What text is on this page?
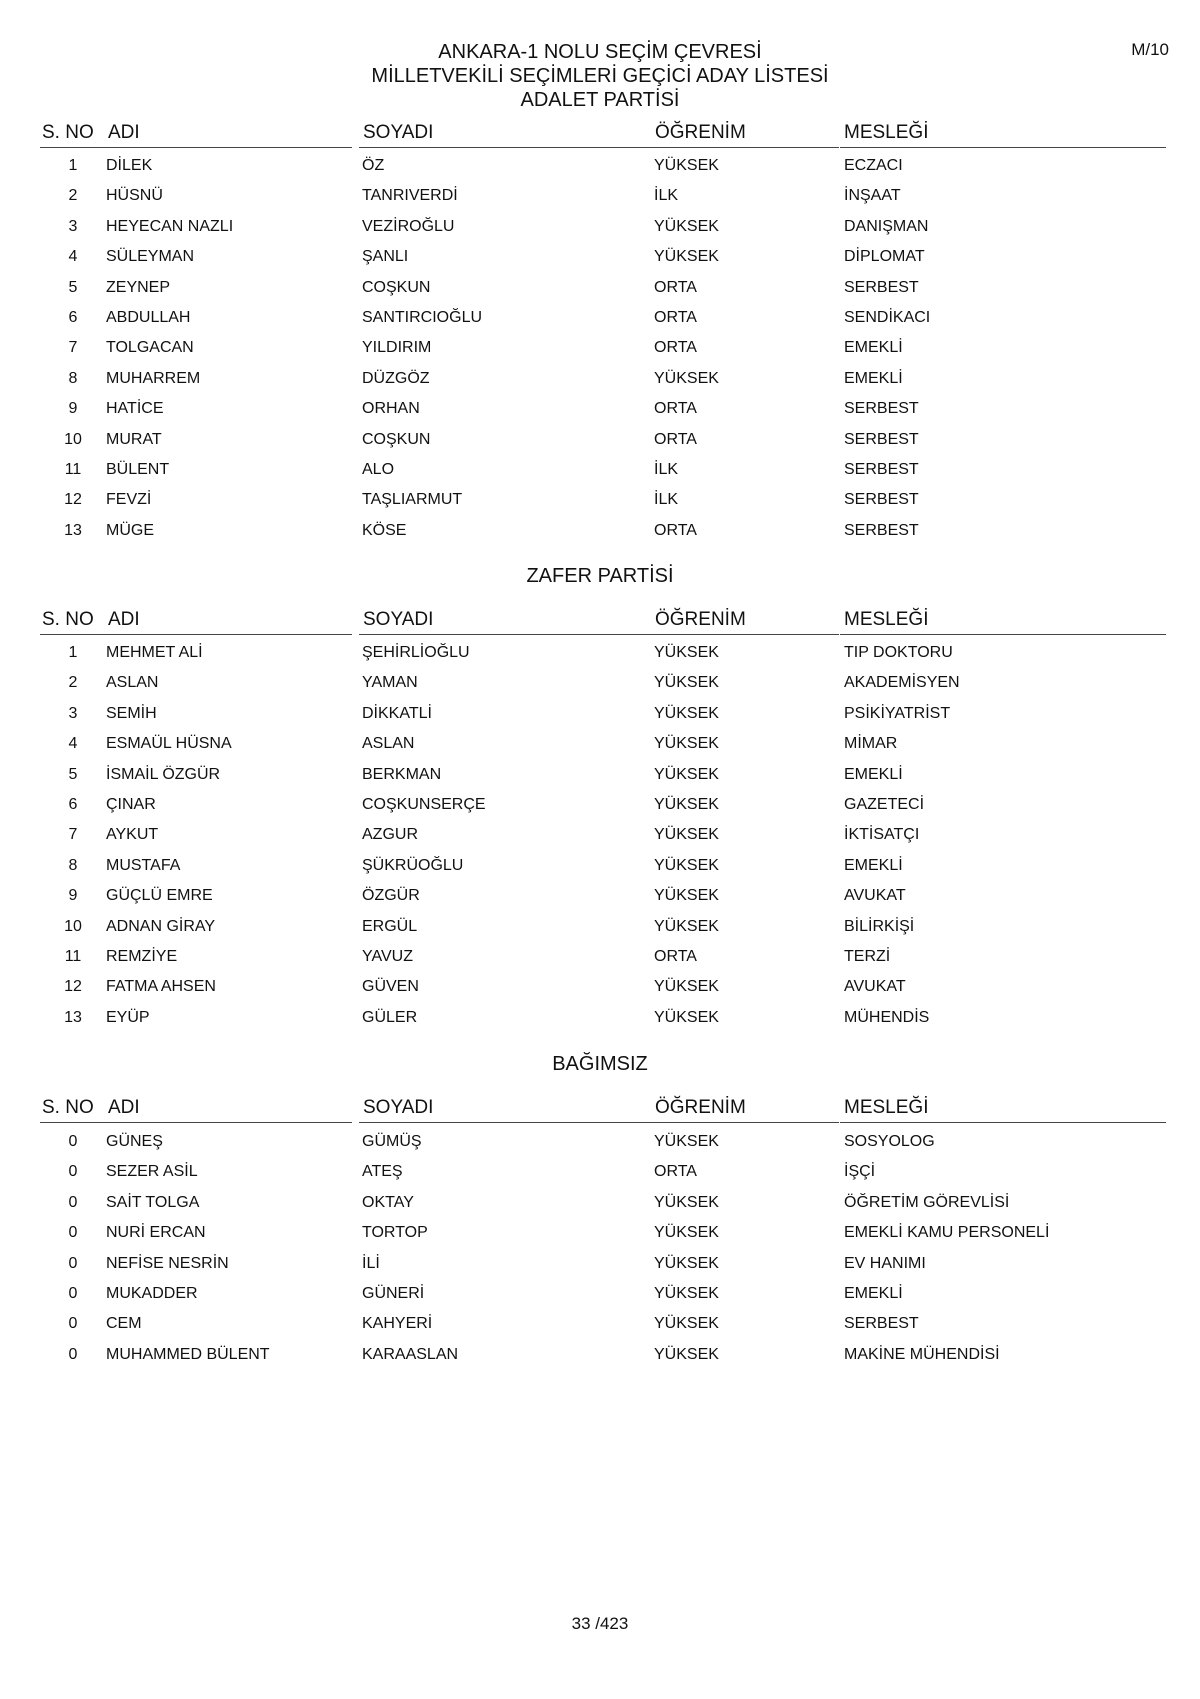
M/10
ANKARA-1 NOLU SEÇİM ÇEVRESİ
MİLLETVEKİLİ SEÇİMLERİ GEÇİCİ ADAY LİSTESİ
ADALET PARTİSİ
S. NO ADI	SOYADI	ÖĞRENİM	MESLEĞİ
1	DİLEK	ÖZ	YÜKSEK	ECZACI
2	HÜSNÜ	TANRIVERDİ	İLK	İNŞAAT
3	HEYECAN NAZLI	VEZİROĞLU	YÜKSEK	DANIŞMAN
4	SÜLEYMAN	ŞANLI	YÜKSEK	DİPLOMAT
5	ZEYNEP	COŞKUN	ORTA	SERBEST
6	ABDULLAH	SANTIRCIOĞLU	ORTA	SENDİKACI
7	TOLGACAN	YILDIRIM	ORTA	EMEKLİ
8	MUHARREM	DÜZGÖZ	YÜKSEK	EMEKLİ
9	HATİCE	ORHAN	ORTA	SERBEST
10	MURAT	COŞKUN	ORTA	SERBEST
11	BÜLENT	ALO	İLK	SERBEST
12	FEVZİ	TAŞLIARMUT	İLK	SERBEST
13	MÜGE	KÖSE	ORTA	SERBEST
ZAFER PARTİSİ
S. NO ADI	SOYADI	ÖĞRENİM	MESLEĞİ
1	MEHMET ALİ	ŞEHİRLİOĞLU	YÜKSEK	TIP DOKTORU
2	ASLAN	YAMAN	YÜKSEK	AKADEMİSYEN
3	SEMİH	DİKKATLİ	YÜKSEK	PSİKİYATRİST
4	ESMAÜL HÜSNA	ASLAN	YÜKSEK	MİMAR
5	İSMAİL ÖZGÜR	BERKMAN	YÜKSEK	EMEKLİ
6	ÇINAR	COŞKUNSERÇE	YÜKSEK	GAZETECİ
7	AYKUT	AZGUR	YÜKSEK	İKTİSATÇI
8	MUSTAFA	ŞÜKRÜOĞLU	YÜKSEK	EMEKLİ
9	GÜÇLÜ EMRE	ÖZGÜR	YÜKSEK	AVUKAT
10	ADNAN GİRAY	ERGÜL	YÜKSEK	BİLİRKİŞİ
11	REMZİYE	YAVUZ	ORTA	TERZİ
12	FATMA AHSEN	GÜVEN	YÜKSEK	AVUKAT
13	EYÜP	GÜLER	YÜKSEK	MÜHENDİS
BAĞIMSIZ
S. NO ADI	SOYADI	ÖĞRENİM	MESLEĞİ
0	GÜNEŞ	GÜMÜŞ	YÜKSEK	SOSYOLOG
0	SEZER ASİL	ATEŞ	ORTA	İŞÇİ
0	SAİT TOLGA	OKTAY	YÜKSEK	ÖĞRETİM GÖREVLİSİ
0	NURİ ERCAN	TORTOP	YÜKSEK	EMEKLİ KAMU PERSONELİ
0	NEFİSE NESRİN	İLİ	YÜKSEK	EV HANIMI
0	MUKADDER	GÜNERİ	YÜKSEK	EMEKLİ
0	CEM	KAHYERİ	YÜKSEK	SERBEST
0	MUHAMMED BÜLENT	KARAASLAN	YÜKSEK	MAKİNE MÜHENDİSİ
33 /423
